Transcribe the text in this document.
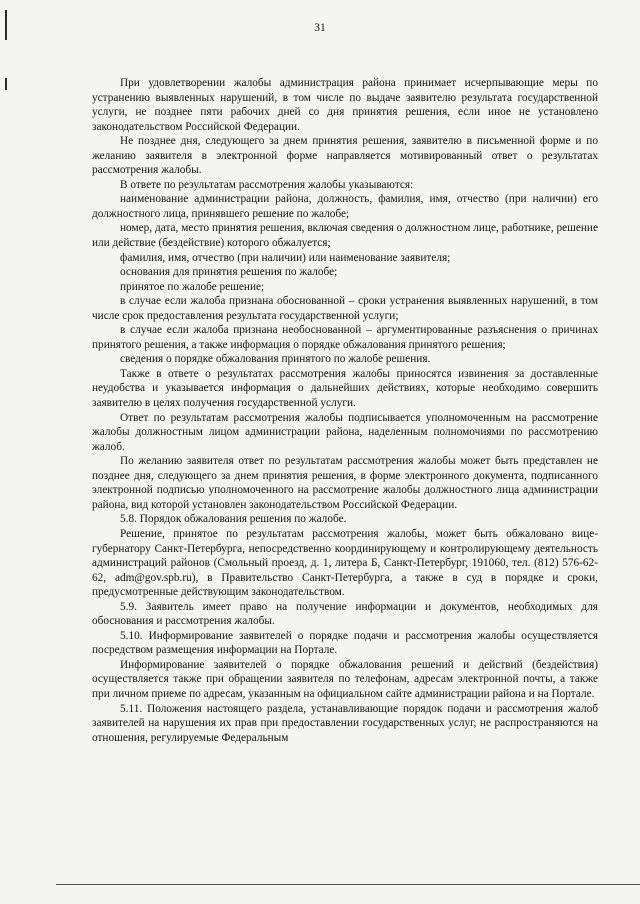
31

При удовлетворении жалобы администрация района принимает исчерпывающие меры по устранению выявленных нарушений, в том числе по выдаче заявителю результата государственной услуги, не позднее пяти рабочих дней со дня принятия решения, если иное не установлено законодательством Российской Федерации.

Не позднее дня, следующего за днем принятия решения, заявителю в письменной форме и по желанию заявителя в электронной форме направляется мотивированный ответ о результатах рассмотрения жалобы.

В ответе по результатам рассмотрения жалобы указываются:

наименование администрации района, должность, фамилия, имя, отчество (при наличии) его должностного лица, принявшего решение по жалобе;

номер, дата, место принятия решения, включая сведения о должностном лице, работнике, решение или действие (бездействие) которого обжалуется;

фамилия, имя, отчество (при наличии) или наименование заявителя;

основания для принятия решения по жалобе;

принятое по жалобе решение;

в случае если жалоба признана обоснованной – сроки устранения выявленных нарушений, в том числе срок предоставления результата государственной услуги;

в случае если жалоба признана необоснованной – аргументированные разъяснения о причинах принятого решения, а также информация о порядке обжалования принятого решения;

сведения о порядке обжалования принятого по жалобе решения.

Также в ответе о результатах рассмотрения жалобы приносятся извинения за доставленные неудобства и указывается информация о дальнейших действиях, которые необходимо совершить заявителю в целях получения государственной услуги.

Ответ по результатам рассмотрения жалобы подписывается уполномоченным на рассмотрение жалобы должностным лицом администрации района, наделенным полномочиями по рассмотрению жалоб.

По желанию заявителя ответ по результатам рассмотрения жалобы может быть представлен не позднее дня, следующего за днем принятия решения, в форме электронного документа, подписанного электронной подписью уполномоченного на рассмотрение жалобы должностного лица администрации района, вид которой установлен законодательством Российской Федерации.

5.8. Порядок обжалования решения по жалобе.

Решение, принятое по результатам рассмотрения жалобы, может быть обжаловано вице-губернатору Санкт-Петербурга, непосредственно координирующему и контролирующему деятельность администраций районов (Смольный проезд, д. 1, литера Б, Санкт-Петербург, 191060, тел. (812) 576-62-62, adm@gov.spb.ru), в Правительство Санкт-Петербурга, а также в суд в порядке и сроки, предусмотренные действующим законодательством.

5.9. Заявитель имеет право на получение информации и документов, необходимых для обоснования и рассмотрения жалобы.

5.10. Информирование заявителей о порядке подачи и рассмотрения жалобы осуществляется посредством размещения информации на Портале.

Информирование заявителей о порядке обжалования решений и действий (бездействия) осуществляется также при обращении заявителя по телефонам, адресам электронной почты, а также при личном приеме по адресам, указанным на официальном сайте администрации района и на Портале.

5.11. Положения настоящего раздела, устанавливающие порядок подачи и рассмотрения жалоб заявителей на нарушения их прав при предоставлении государственных услуг, не распространяются на отношения, регулируемые Федеральным
